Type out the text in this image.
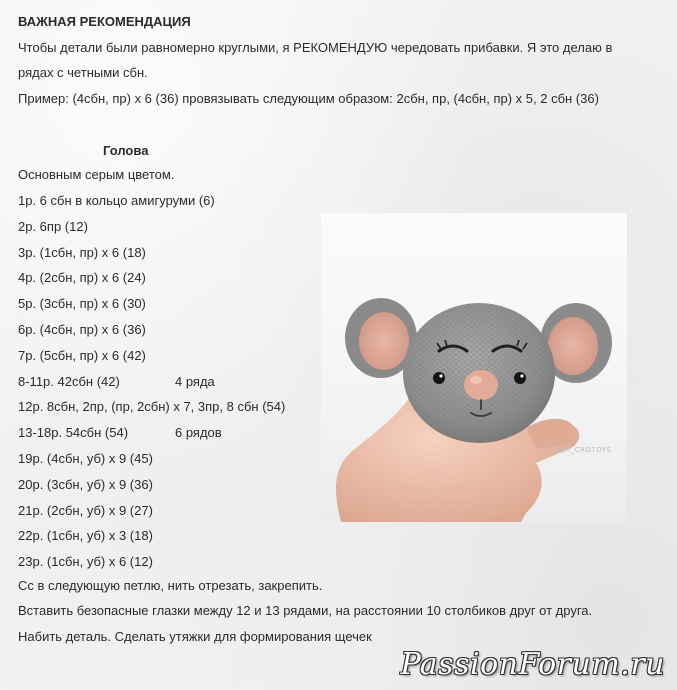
ВАЖНАЯ РЕКОМЕНДАЦИЯ
Чтобы детали были равномерно круглыми, я РЕКОМЕНДУЮ чередовать прибавки. Я это делаю в
рядах с четными сбн.
Пример: (4сбн, пр) х 6 (36) провязывать следующим образом: 2сбн, пр, (4сбн, пр) х 5, 2 сбн (36)
Голова
Основным серым цветом.
1р. 6 сбн в кольцо амигуруми (6)
2р. 6пр (12)
3р. (1сбн, пр) х 6 (18)
4р. (2сбн, пр) х 6 (24)
5р. (3сбн, пр) х 6 (30)
6р. (4сбн, пр) х 6 (36)
7р. (5сбн, пр) х 6 (42)
8-11р. 42сбн (42)	4 ряда
12р. 8сбн, 2пр, (пр, 2сбн) х 7, 3пр, 8 сбн (54)
13-18р. 54сбн (54)	6 рядов
19р. (4сбн, уб) х 9 (45)
20р. (3сбн, уб) х 9 (36)
21р. (2сбн, уб) х 9 (27)
22р. (1сбн, уб) х 3 (18)
23р. (1сбн, уб) х 6 (12)
Сс в следующую петлю, нить отрезать, закрепить.
Вставить безопасные глазки между 12 и 13 рядами, на расстоянии 10 столбиков друг от друга.
Набить деталь. Сделать утяжки для формирования щечек
@JM_CROTOYS
PassionForum.ru
